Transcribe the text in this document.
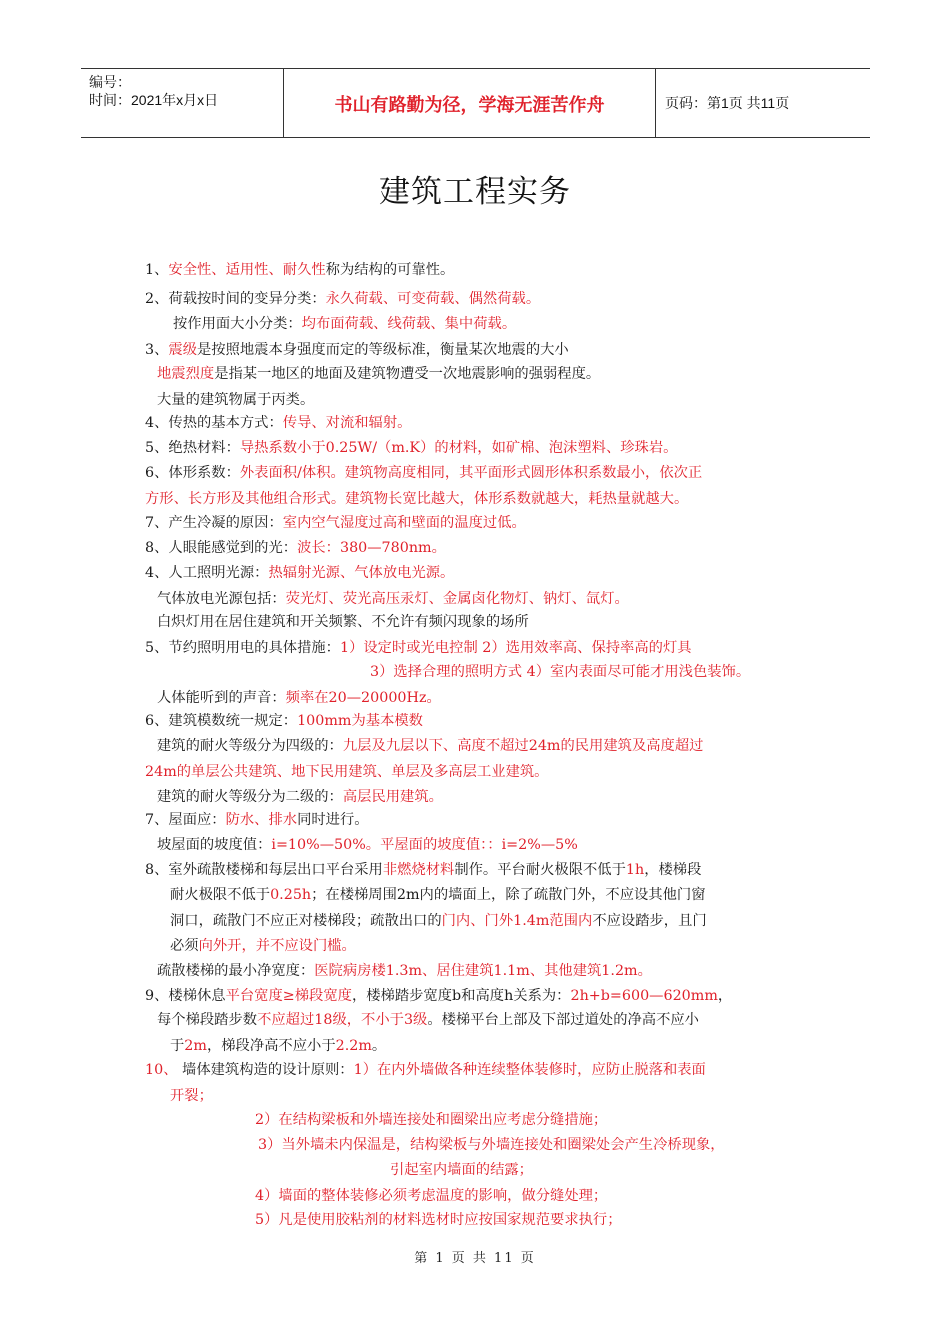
编号：
时间：2021年x月x日	书山有路勤为径，学海无涯苦作舟	页码：第1页 共11页
建筑工程实务
1、安全性、适用性、耐久性称为结构的可靠性。
2、荷载按时间的变异分类：永久荷载、可变荷载、偶然荷载。
按作用面大小分类：均布面荷载、线荷载、集中荷载。
3、震级是按照地震本身强度而定的等级标准，衡量某次地震的大小
地震烈度是指某一地区的地面及建筑物遭受一次地震影响的强弱程度。
大量的建筑物属于丙类。
4、传热的基本方式：传导、对流和辐射。
5、绝热材料：导热系数小于0.25W/（m.K）的材料，如矿棉、泡沫塑料、珍珠岩。
6、体形系数：外表面积/体积。建筑物高度相同，其平面形式圆形体积系数最小，依次正
方形、长方形及其他组合形式。建筑物长宽比越大，体形系数就越大，耗热量就越大。
7、产生冷凝的原因：室内空气湿度过高和壁面的温度过低。
8、人眼能感觉到的光：波长：380—780nm。
4、人工照明光源：热辐射光源、气体放电光源。
气体放电光源包括：荧光灯、荧光高压汞灯、金属卤化物灯、钠灯、氙灯。
白炽灯用在居住建筑和开关频繁、不允许有频闪现象的场所
5、节约照明用电的具体措施：1）设定时或光电控制 2）选用效率高、保持率高的灯具
3）选择合理的照明方式 4）室内表面尽可能才用浅色装饰。
人体能听到的声音：频率在20—20000Hz。
6、建筑模数统一规定：100mm为基本模数
建筑的耐火等级分为四级的：九层及九层以下、高度不超过24m的民用建筑及高度超过
24m的单层公共建筑、地下民用建筑、单层及多高层工业建筑。
建筑的耐火等级分为二级的：高层民用建筑。
7、屋面应：防水、排水同时进行。
坡屋面的坡度值：i=10%—50%。平屋面的坡度值：：i=2%—5%
8、室外疏散楼梯和每层出口平台采用非燃烧材料制作。平台耐火极限不低于1h，楼梯段
耐火极限不低于0.25h；在楼梯周围2m内的墙面上，除了疏散门外，不应设其他门窗
洞口，疏散门不应正对楼梯段；疏散出口的门内、门外1.4m范围内不应设踏步，且门
必须向外开，并不应设门槛。
疏散楼梯的最小净宽度：医院病房楼1.3m、居住建筑1.1m、其他建筑1.2m。
9、楼梯休息平台宽度≥梯段宽度，楼梯踏步宽度b和高度h关系为：2h+b=600—620mm，
每个梯段踏步数不应超过18级，不小于3级。楼梯平台上部及下部过道处的净高不应小
于2m，梯段净高不应小于2.2m。
10、 墙体建筑构造的设计原则：1）在内外墙做各种连续整体装修时，应防止脱落和表面
开裂；
2）在结构梁板和外墙连接处和圈梁出应考虑分缝措施；
3）当外墙未内保温是，结构梁板与外墙连接处和圈梁处会产生冷桥现象，
引起室内墙面的结露；
4）墙面的整体装修必须考虑温度的影响，做分缝处理；
5）凡是使用胶粘剂的材料选材时应按国家规范要求执行；
第 1 页 共 11 页
